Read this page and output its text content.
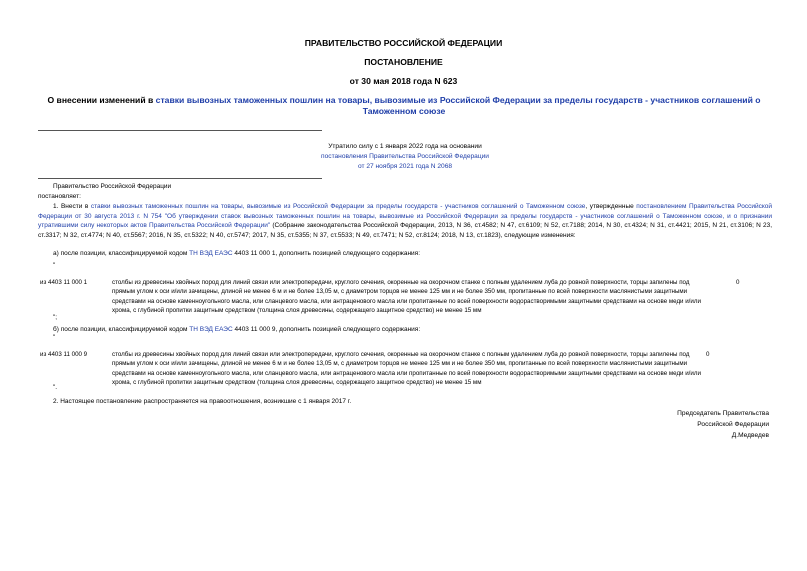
ПРАВИТЕЛЬСТВО РОССИЙСКОЙ ФЕДЕРАЦИИ
ПОСТАНОВЛЕНИЕ
от 30 мая 2018 года N 623
О внесении изменений в ставки вывозных таможенных пошлин на товары, вывозимые из Российской Федерации за пределы государств - участников соглашений о Таможенном союзе
Утратило силу с 1 января 2022 года на основании
постановления Правительства Российской Федерации
от 27 ноября 2021 года N 2068
Правительство Российской Федерации
постановляет:
1. Внести в ставки вывозных таможенных пошлин на товары, вывозимые из Российской Федерации за пределы государств - участников соглашений о Таможенном союзе, утвержденные постановлением Правительства Российской Федерации от 30 августа 2013 г. N 754 "Об утверждении ставок вывозных таможенных пошлин на товары, вывозимые из Российской Федерации за пределы государств - участников соглашений о Таможенном союзе, и о признании утратившими силу некоторых актов Правительства Российской Федерации" (Собрание законодательства Российской Федерации, 2013, N 36, ст.4582; N 47, ст.6109; N 52, ст.7188; 2014, N 30, ст.4324; N 31, ст.4421; 2015, N 21, ст.3106; N 23, ст.3317; N 32, ст.4774; N 40, ст.5567; 2016, N 35, ст.5322; N 40, ст.5747; 2017, N 35, ст.5355; N 37, ст.5533; N 49, ст.7471; N 52, ст.8124; 2018, N 13, ст.1823), следующие изменения:
а) после позиции, классифицируемой кодом ТН ВЭД ЕАЭС 4403 11 000 1, дополнить позицией следующего содержания:
"
из 4403 11 000 1	столбы из древесины хвойных пород для линий связи или электропередачи, круглого сечения, окоренные на окорочном станке с полным удалением луба до ровной поверхности, торцы запилены под прямым углом к оси и/или зачищены, длиной не менее 6 м и не более 13,05 м, с диаметром торцов не менее 125 мм и не более 350 мм, пропитанные по всей поверхности маслянистыми защитными средствами на основе каменноугольного масла, или сланцевого масла, или антраценового масла или пропитанные по всей поверхности водорастворимыми защитными средствами на основе меди и/или хрома, с глубиной пропитки защитным средством (толщина слоя древесины, содержащего защитное средство) не менее 15 мм
0
";
б) после позиции, классифицируемой кодом ТН ВЭД ЕАЭС 4403 11 000 9, дополнить позицией следующего содержания:
"
из 4403 11 000 9	столбы из древесины хвойных пород для линий связи или электропередачи, круглого сечения, окоренные на окорочном станке с полным удалением луба до ровной поверхности, торцы запилены под прямым углом к оси и/или зачищены, длиной не менее 6 м и не более 13,05 м, с диаметром торцов не менее 125 мм и не более 350 мм, пропитанные по всей поверхности маслянистыми защитными средствами на основе каменноугольного масла, или сланцевого масла, или антраценового масла или пропитанные по всей поверхности водорастворимыми защитными средствами на основе меди и/или хрома, с глубиной пропитки защитным средством (толщина слоя древесины, содержащего защитное средство) не менее 15 мм
0
".
2. Настоящее постановление распространяется на правоотношения, возникшие с 1 января 2017 г.
Председатель Правительства
Российской Федерации
Д.Медведев
